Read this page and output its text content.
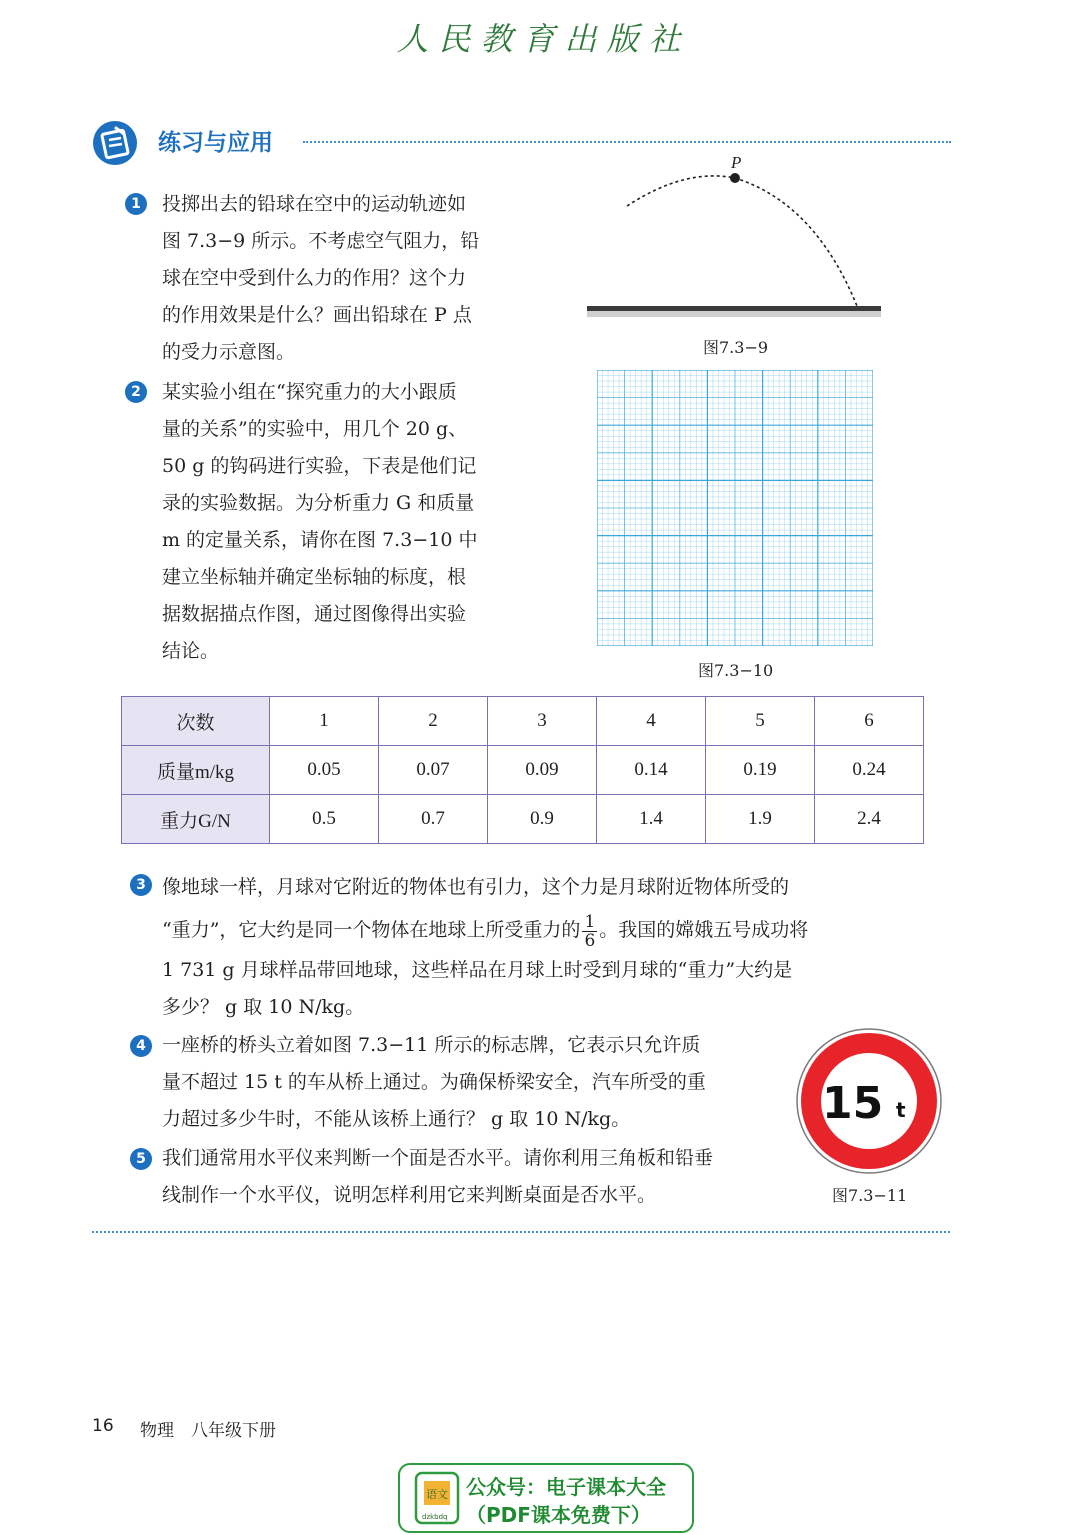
人民教育出版社
练习与应用
1	投掷出去的铅球在空中的运动轨迹如
图 7.3−9 所示。不考虑空气阻力，铅
球在空中受到什么力的作用？这个力
的作用效果是什么？画出铅球在 P 点
的受力示意图。
P
图7.3−9
2	某实验小组在“探究重力的大小跟质
量的关系”的实验中，用几个 20 g、
50 g 的钩码进行实验，下表是他们记
录的实验数据。为分析重力 G 和质量
m 的定量关系，请你在图 7.3−10 中
建立坐标轴并确定坐标轴的标度，根
据数据描点作图，通过图像得出实验
结论。
图7.3−10
次数	1	2	3	4	5	6
质量m/kg	0.05	0.07	0.09	0.14	0.19	0.24
重力G/N	0.5	0.7	0.9	1.4	1.9	2.4
3 像地球一样，月球对它附近的物体也有引力，这个力是月球附近物体所受的
“重力”，它大约是同一个物体在地球上所受重力的 $\frac{1}{6}$ 。我国的嫦娥五号成功将
1 731 g 月球样品带回地球，这些样品在月球上时受到月球的“重力”大约是
多少？ g 取 10 N/kg。
4 一座桥的桥头立着如图 7.3−11 所示的标志牌，它表示只允许质
量不超过 15 t 的车从桥上通过。为确保桥梁安全，汽车所受的重
力超过多少牛时，不能从该桥上通行？ g 取 10 N/kg。
5 我们通常用水平仪来判断一个面是否水平。请你利用三角板和铅垂
线制作一个水平仪，说明怎样利用它来判断桌面是否水平。
15 t
图7.3−11
16 物理　八年级下册
语文
dzkbdq
公众号：电子课本大全
（PDF课本免费下）
